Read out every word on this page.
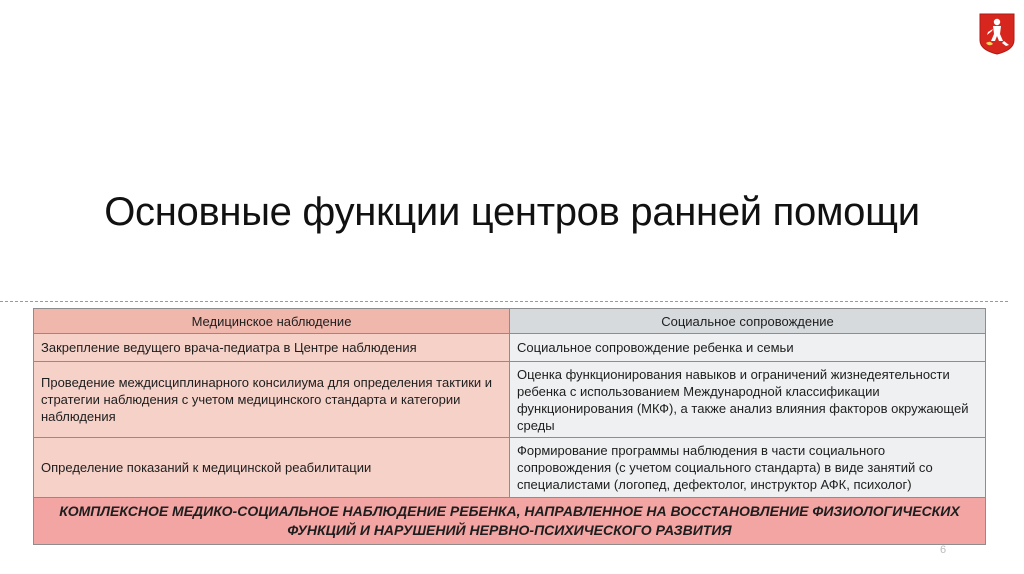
Основные функции центров ранней помощи
Медицинское наблюдение	Социальное сопровождение
Закрепление ведущего врача-педиатра в Центре наблюдения	Социальное сопровождение ребенка и семьи
Проведение междисциплинарного консилиума для определения тактики и стратегии наблюдения с учетом медицинского стандарта и категории наблюдения	Оценка функционирования навыков и ограничений жизнедеятельности ребенка с использованием Международной классификации функционирования (МКФ), а также анализ влияния факторов окружающей среды
Определение показаний к медицинской реабилитации	Формирование программы наблюдения в части социального сопровождения (с учетом социального стандарта) в виде занятий со специалистами (логопед, дефектолог, инструктор АФК, психолог)
КОМПЛЕКСНОЕ МЕДИКО-СОЦИАЛЬНОЕ НАБЛЮДЕНИЕ РЕБЕНКА, НАПРАВЛЕННОЕ НА ВОССТАНОВЛЕНИЕ ФИЗИОЛОГИЧЕСКИХ ФУНКЦИЙ И НАРУШЕНИЙ НЕРВНО-ПСИХИЧЕСКОГО РАЗВИТИЯ	
6
